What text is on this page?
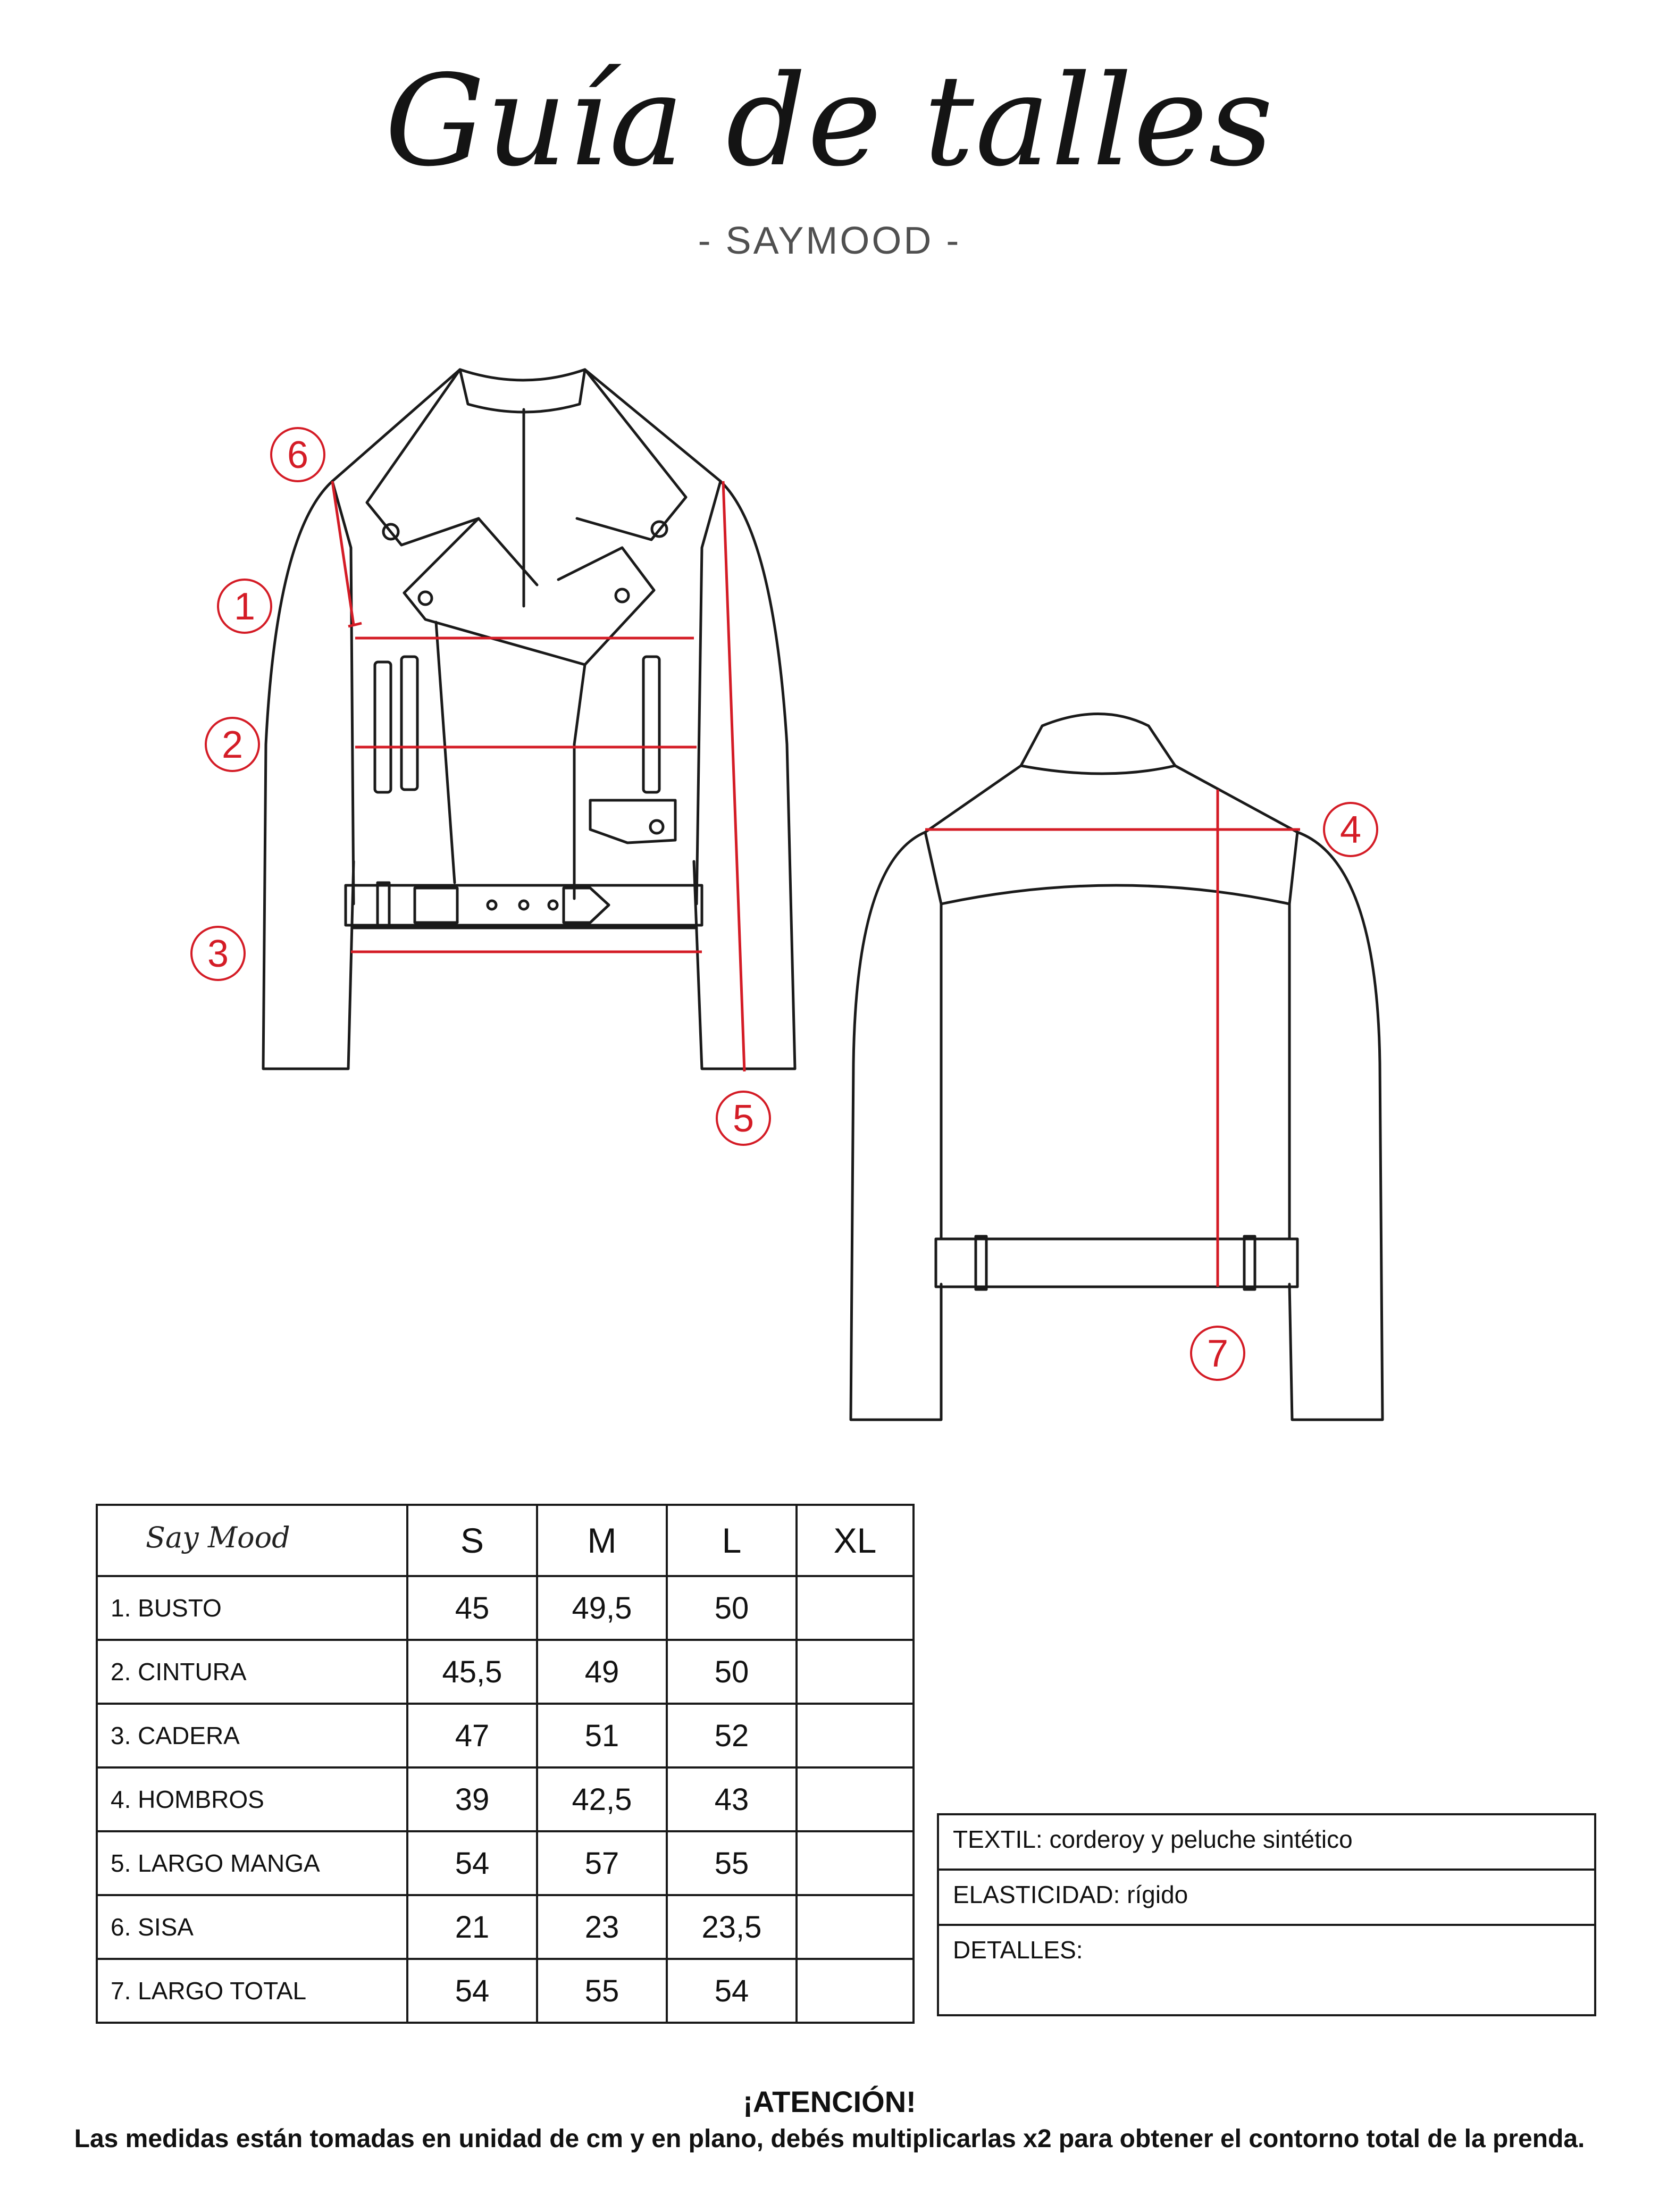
Guía de talles
- SAYMOOD -
6
1
2
3
4
5
7
Say Mood	S	M	L	XL
1. BUSTO	45	49,5	50	
2. CINTURA	45,5	49	50	
3. CADERA	47	51	52	
4. HOMBROS	39	42,5	43	
5. LARGO MANGA	54	57	55	
6. SISA	21	23	23,5	
7. LARGO TOTAL	54	55	54	
TEXTIL: corderoy y peluche sintético
ELASTICIDAD: rígido
DETALLES:
¡ATENCIÓN!
Las medidas están tomadas en unidad de cm y en plano, debés multiplicarlas x2 para obtener el contorno total de la prenda.
